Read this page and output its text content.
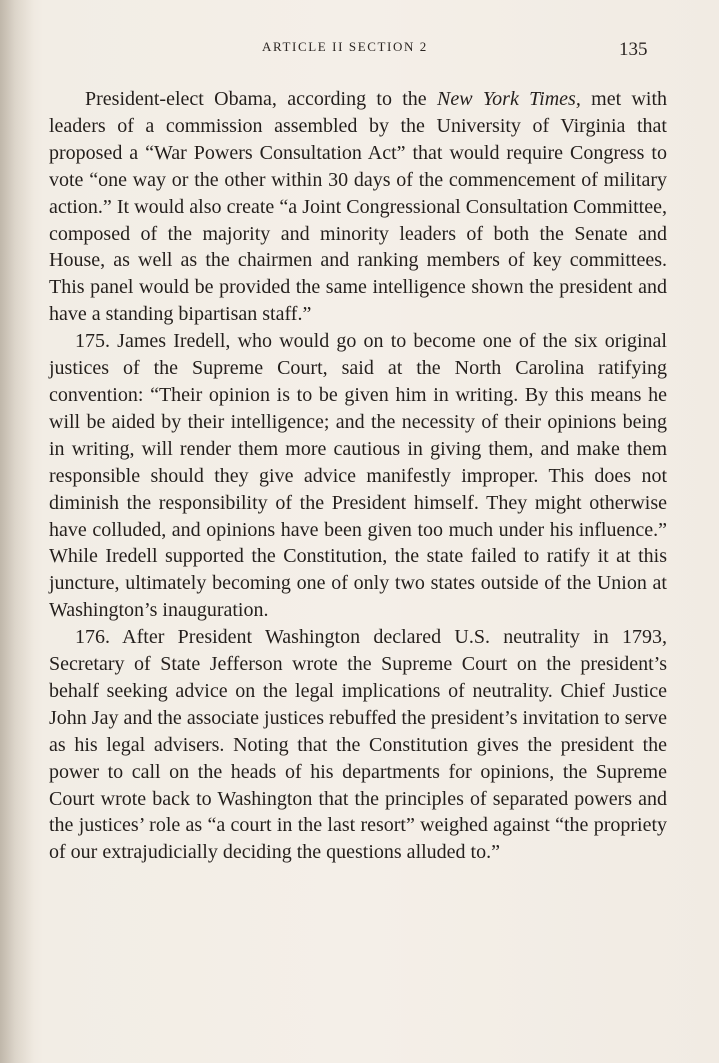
ARTICLE II SECTION 2	135

President-elect Obama, according to the New York Times, met with leaders of a commission assembled by the University of Virginia that proposed a “War Powers Consultation Act” that would require Congress to vote “one way or the other within 30 days of the commencement of military action.” It would also create “a Joint Congressional Consultation Committee, composed of the majority and minority leaders of both the Senate and House, as well as the chairmen and ranking members of key committees. This panel would be provided the same intelligence shown the president and have a standing bipartisan staff.”

175. James Iredell, who would go on to become one of the six original justices of the Supreme Court, said at the North Carolina ratifying convention: “Their opinion is to be given him in writing. By this means he will be aided by their intelligence; and the necessity of their opinions being in writing, will render them more cautious in giving them, and make them responsible should they give advice manifestly improper. This does not diminish the responsibility of the President himself. They might otherwise have colluded, and opinions have been given too much under his influence.” While Iredell supported the Constitution, the state failed to ratify it at this juncture, ultimately becoming one of only two states outside of the Union at Washington’s inauguration.

176. After President Washington declared U.S. neutrality in 1793, Secretary of State Jefferson wrote the Supreme Court on the president’s behalf seeking advice on the legal implications of neutrality. Chief Justice John Jay and the associate justices rebuffed the president’s invitation to serve as his legal advisers. Noting that the Constitution gives the president the power to call on the heads of his departments for opinions, the Supreme Court wrote back to Washington that the principles of separated powers and the justices’ role as “a court in the last resort” weighed against “the propriety of our extrajudicially deciding the questions alluded to.”
